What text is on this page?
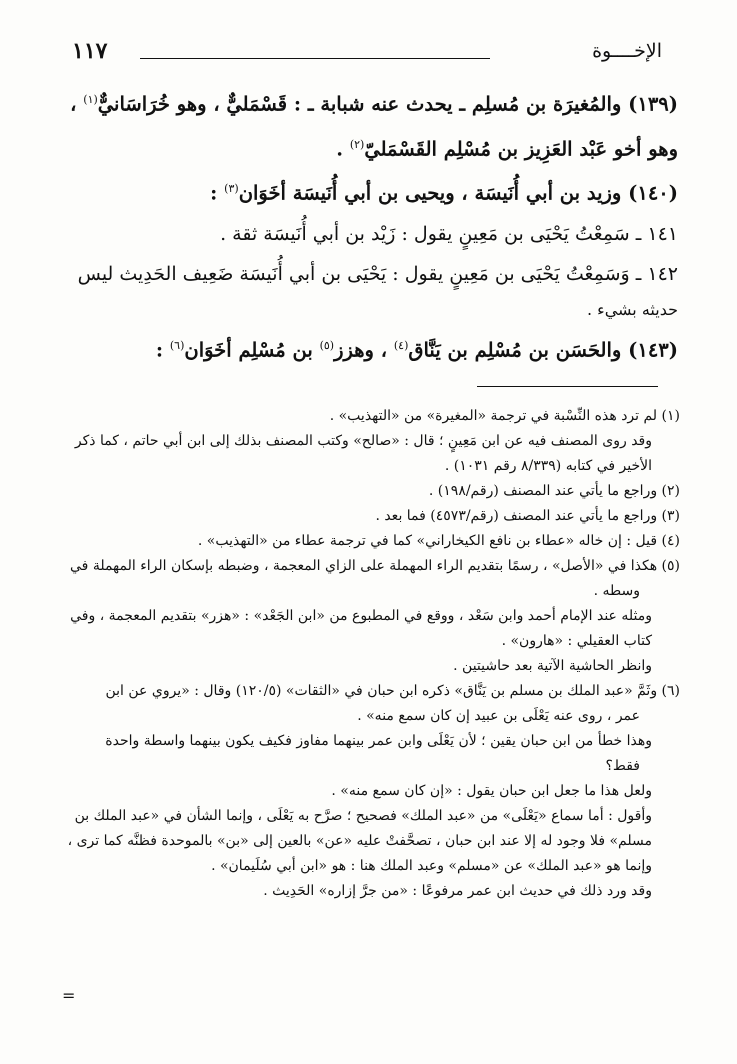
١١٧	الإخــــوة

(١٣٩) والمُغيرَة بن مُسلِم ـ يحدث عنه شبابة ـ : قَسْمَليٌّ ، وهو خُرَاسَانيٌّ$^{(١)}$ ،

وهو أخو عَبْد العَزِيز بن مُسْلِم القَسْمَليّ$^{(٢)}$ .

(١٤٠) وزيد بن أبي أُنَيسَة ، ويحيى بن أبي أُنَيسَة أخَوَان$^{(٣)}$ :

١٤١ ـ سَمِعْتُ يَحْيَى بن مَعِينٍ يقول : زَيْد بن أبي أُنَيسَة ثقة .

١٤٢ ـ وَسَمِعْتُ يَحْيَى بن مَعِينٍ يقول : يَحْيَى بن أبي أُنَيسَة ضَعِيف الحَدِيث ليس

حديثه بشيء .

(١٤٣) والحَسَن بن مُسْلِم بن يَنَّاق$^{(٤)}$ ، وهزز$^{(٥)}$ بن مُسْلِم أخَوَان$^{(٦)}$ :

(١) لم ترد هذه النِّسْبة في ترجمة «المغيرة» من «التهذيب» .

وقد روى المصنف فيه عن ابن مَعِينٍ ؛ قال : «صالح» وكتب المصنف بذلك إلى ابن أبي حاتم ، كما ذكر

الأخير في كتابه (٨/٣٣٩ رقم ١٠٣١) .

(٢) وراجع ما يأتي عند المصنف (رقم/١٩٨) .

(٣) وراجع ما يأتي عند المصنف (رقم/٤٥٧٣) فما بعد .

(٤) قيل : إن خاله «عطاء بن نافع الكيخاراني» كما في ترجمة عطاء من «التهذيب» .

(٥) هكذا في «الأصل» ، رسمًا بتقديم الراء المهملة على الزاي المعجمة ، وضبطه بإسكان الراء المهملة في

وسطه .

ومثله عند الإمام أحمد وابن سَعْد ، ووقع في المطبوع من «ابن الجَعْد» : «هزر» بتقديم المعجمة ، وفي

كتاب العقيلي : «هارون» .

وانظر الحاشية الآتية بعد حاشيتين .

(٦) وثَمَّ «عبد الملك بن مسلم بن يَنَّاق» ذكره ابن حبان في «الثقات» (١٢٠/٥) وقال : «يروي عن ابن

عمر ، روى عنه يَعْلَى بن عبيد إن كان سمع منه» .

وهذا خطأ من ابن حبان يقين ؛ لأن يَعْلَى وابن عمر بينهما مفاوز فكيف يكون بينهما واسطة واحدة

فقط؟

ولعل هذا ما جعل ابن حبان يقول : «إن كان سمع منه» .

وأقول : أما سماع «يَعْلَى» من «عبد الملك» فصحيح ؛ صرَّح به يَعْلَى ، وإنما الشأن في «عبد الملك بن

مسلم» فلا وجود له إلا عند ابن حبان ، تصحَّفتْ عليه «عن» بالعين إلى «بن» بالموحدة فظنَّه كما ترى ،

وإنما هو «عبد الملك» عن «مسلم» وعبد الملك هنا : هو «ابن أبي سُلَيمان» .

وقد ورد ذلك في حديث ابن عمر مرفوعًا : «من جرَّ إزاره» الحَدِيث .

=
